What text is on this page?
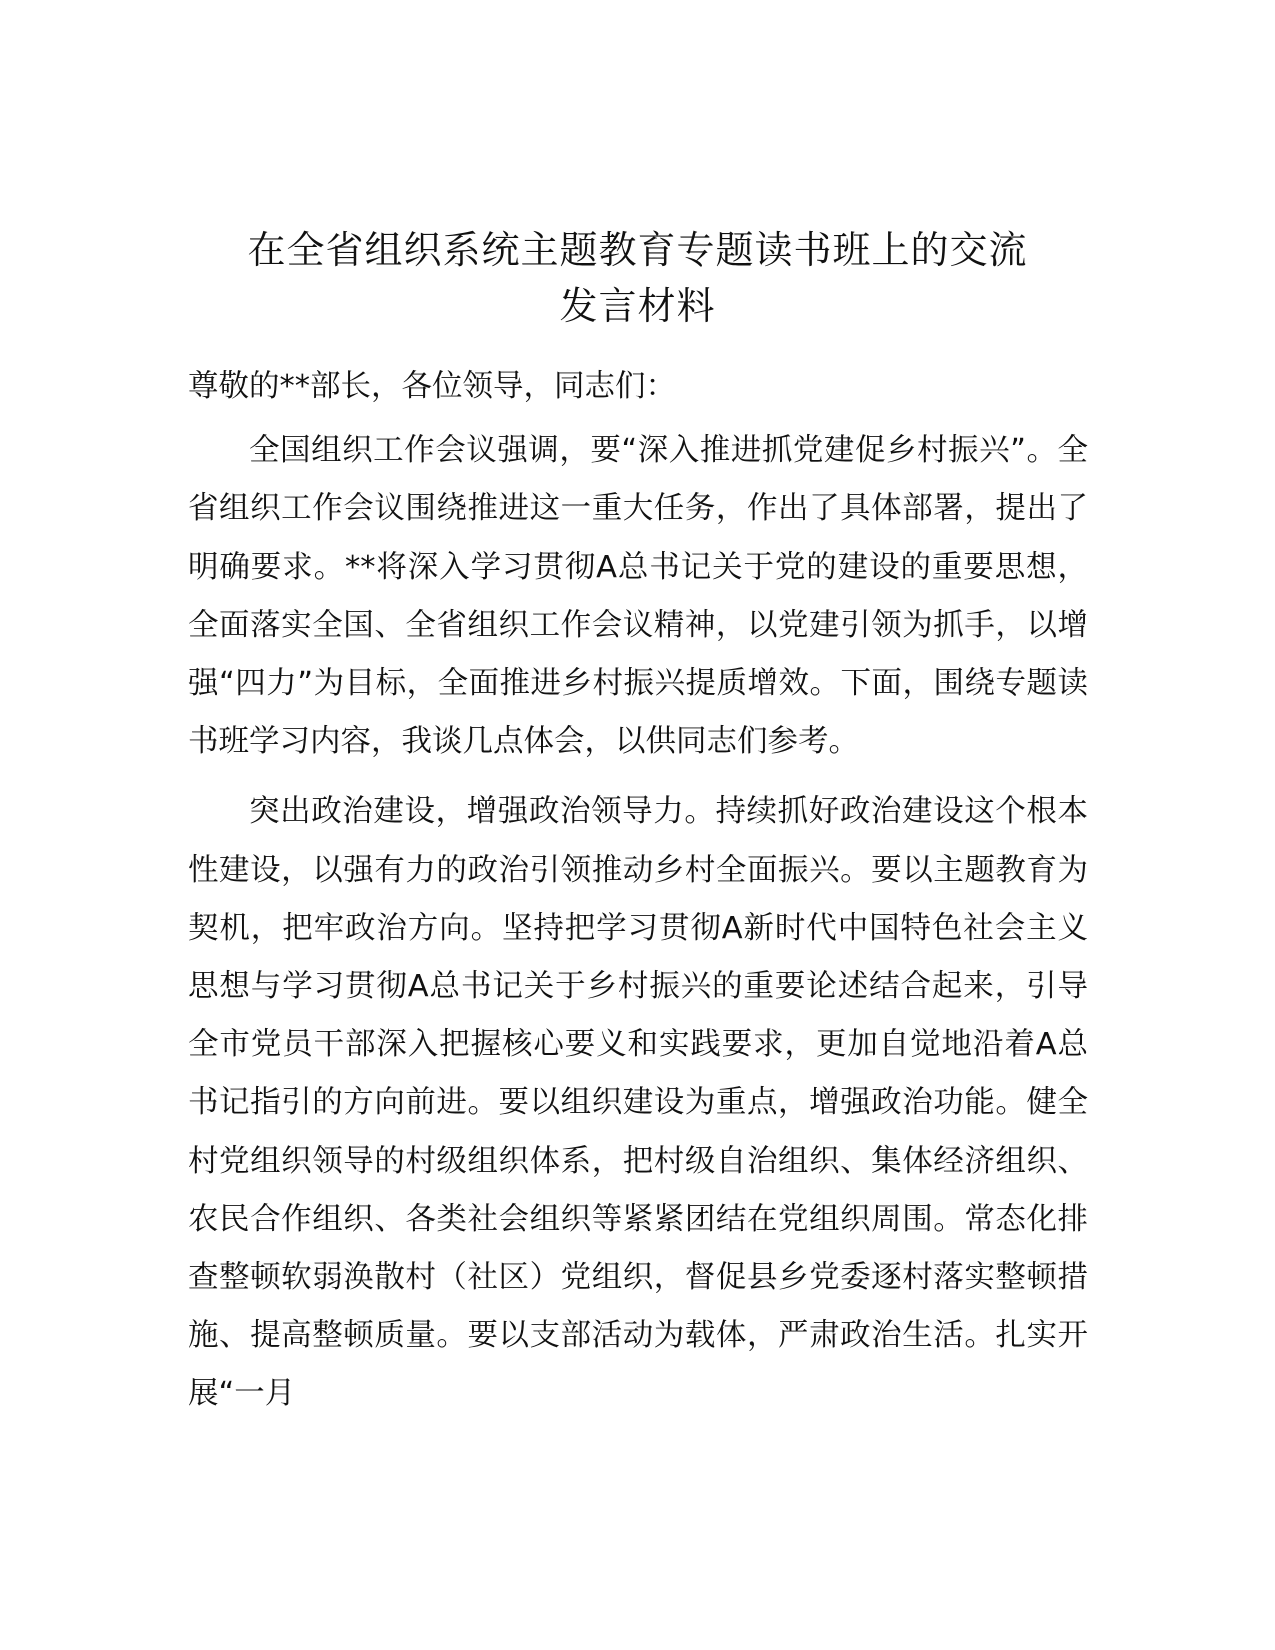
在全省组织系统主题教育专题读书班上的交流
发言材料
尊敬的**部长，各位领导，同志们：

全国组织工作会议强调，要“深入推进抓党建促乡村振兴”。全省组织工作会议围绕推进这一重大任务，作出了具体部署，提出了明确要求。**将深入学习贯彻A总书记关于党的建设的重要思想，全面落实全国、全省组织工作会议精神，以党建引领为抓手，以增强“四力”为目标，全面推进乡村振兴提质增效。下面，围绕专题读书班学习内容，我谈几点体会，以供同志们参考。

突出政治建设，增强政治领导力。持续抓好政治建设这个根本性建设，以强有力的政治引领推动乡村全面振兴。要以主题教育为契机，把牢政治方向。坚持把学习贯彻A新时代中国特色社会主义思想与学习贯彻A总书记关于乡村振兴的重要论述结合起来，引导全市党员干部深入把握核心要义和实践要求，更加自觉地沿着A总书记指引的方向前进。要以组织建设为重点，增强政治功能。健全村党组织领导的村级组织体系，把村级自治组织、集体经济组织、农民合作组织、各类社会组织等紧紧团结在党组织周围。常态化排查整顿软弱涣散村（社区）党组织，督促县乡党委逐村落实整顿措施、提高整顿质量。要以支部活动为载体，严肃政治生活。扎实开展“一月
